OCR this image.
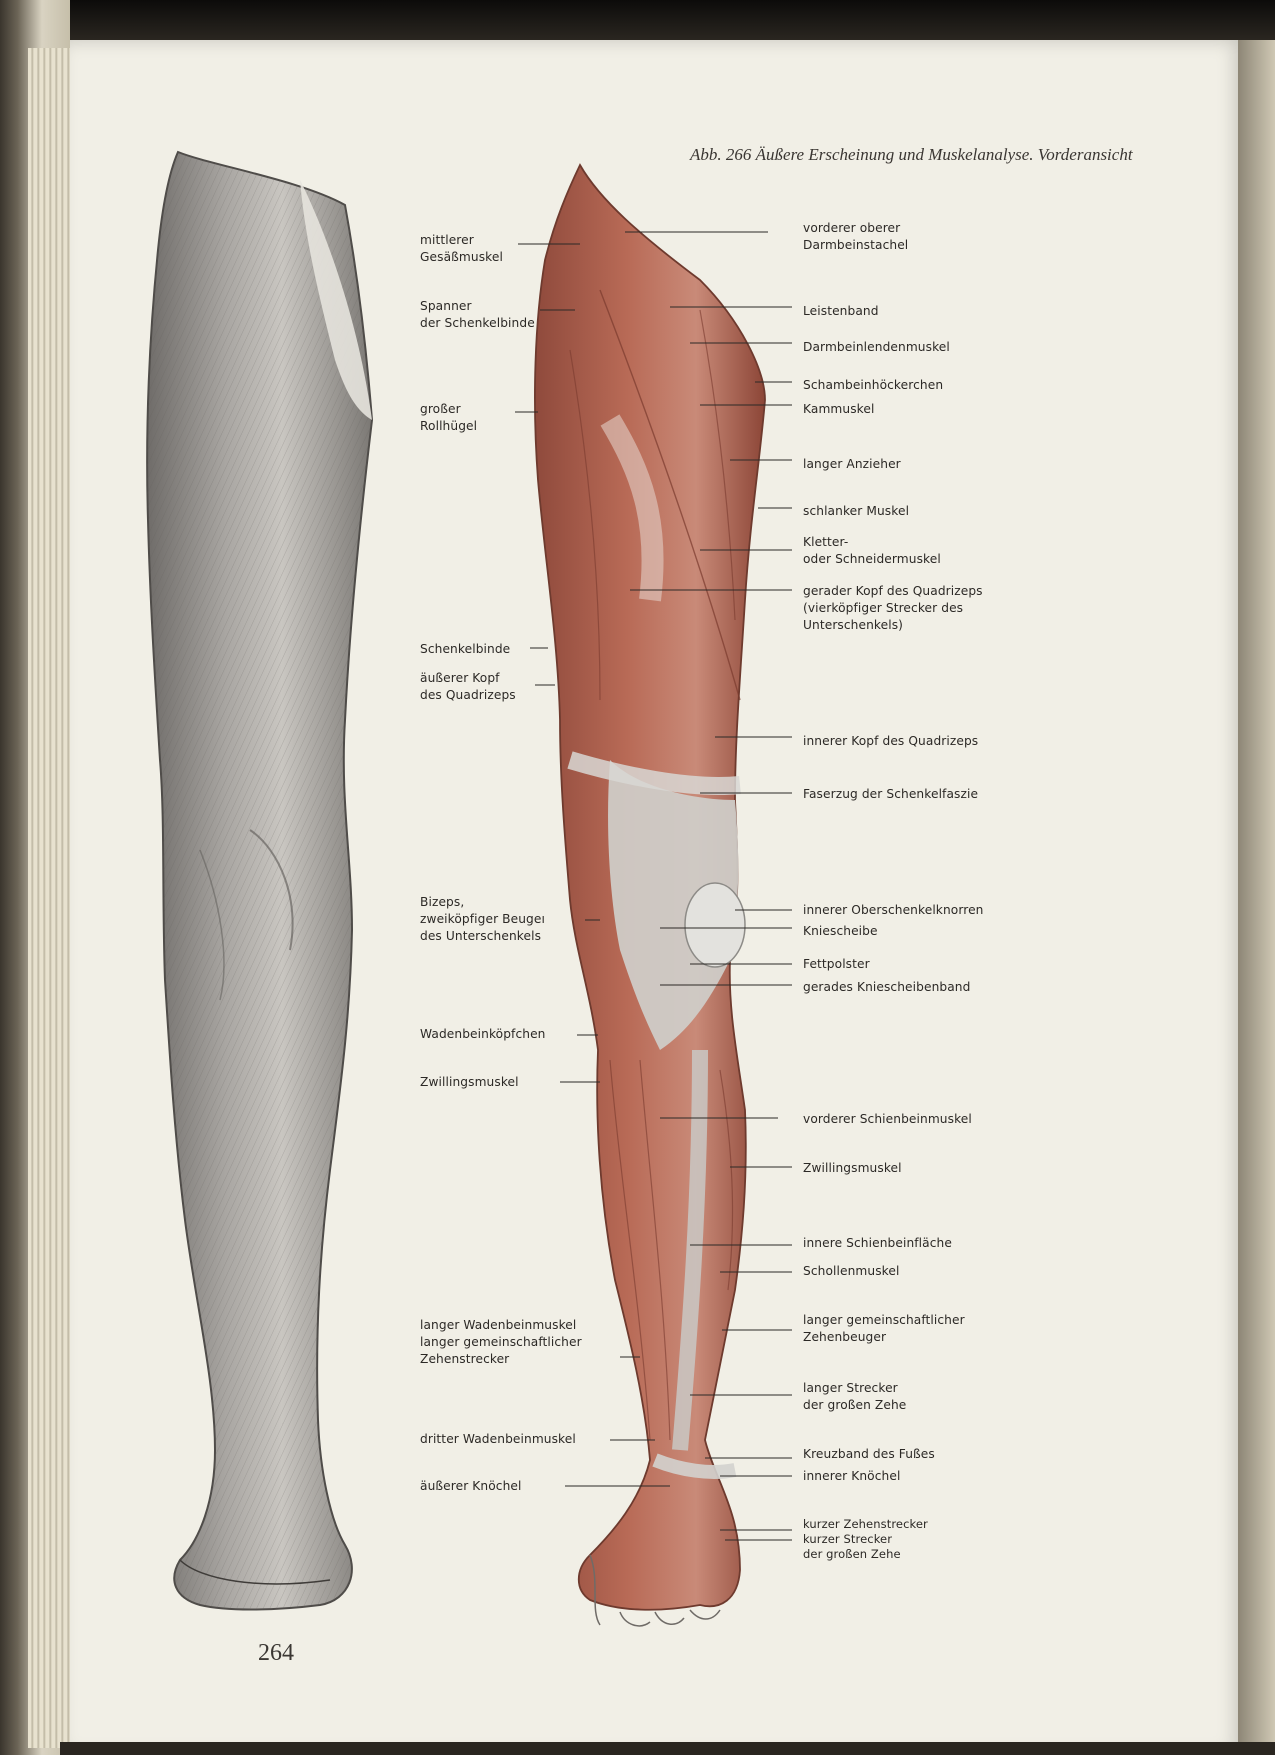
Abb. 266 Äußere Erscheinung und Muskelanalyse. Vorderansicht
mittlerer
Gesäßmuskel
Spanner
der Schenkelbinde
großer
Rollhügel
Schenkelbinde
äußerer Kopf
des Quadrizeps
Bizeps,
zweiköpfiger Beugeı
des Unterschenkels
Wadenbeinköpfchen
Zwillingsmuskel
langer Wadenbeinmuskel
langer gemeinschaftlicher
Zehenstrecker
dritter Wadenbeinmuskel
äußerer Knöchel
vorderer oberer
Darmbeinstachel
Leistenband
Darmbeinlendenmuskel
Schambeinhöckerchen
Kammuskel
langer Anzieher
schlanker Muskel
Kletter-
oder Schneidermuskel
gerader Kopf des Quadrizeps
(vierköpfiger Strecker des
Unterschenkels)
innerer Kopf des Quadrizeps
Faserzug der Schenkelfaszie
innerer Oberschenkelknorren
Kniescheibe
Fettpolster
gerades Kniescheibenband
vorderer Schienbeinmuskel
Zwillingsmuskel
innere Schienbeinfläche
Schollenmuskel
langer gemeinschaftlicher
Zehenbeuger
langer Strecker
der großen Zehe
Kreuzband des Fußes
innerer Knöchel
kurzer Zehenstrecker
kurzer Strecker
der großen Zehe
264
